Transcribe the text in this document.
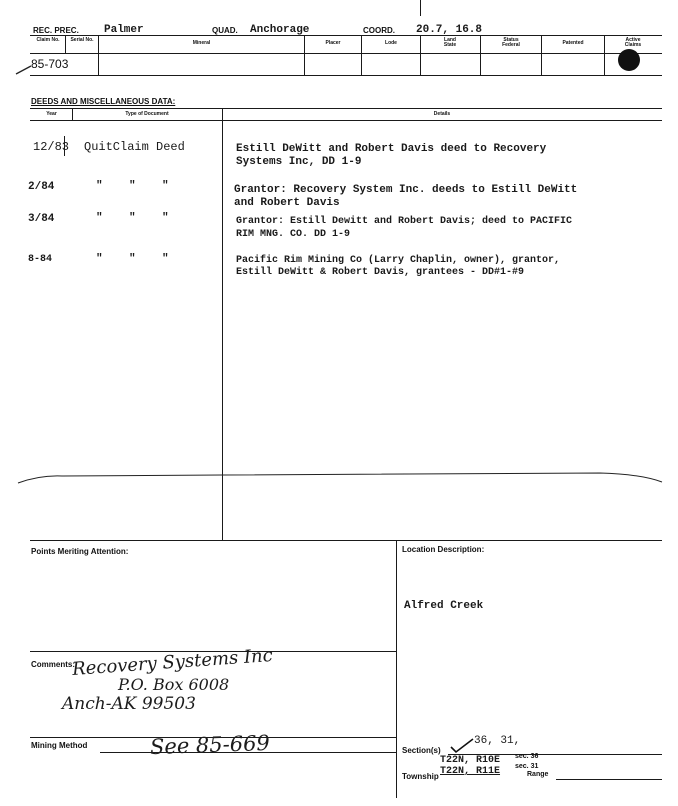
REC. PREC. Palmer	QUAD. Anchorage	COORD. 20.7, 16.8
Claim No.	Serial No.	Mineral	Placer	Lode	Land State
Status Federal	Patented	Active Claims
85-703
DEEDS AND MISCELLANEOUS DATA:
Year	Type of Document	Details
12/83 QuitClaim Deed	Estill DeWitt and Robert Davis deed to Recovery
Systems Inc, DD 1-9
2/84	"    "    "	Grantor: Recovery System Inc. deeds to Estill DeWitt
and Robert Davis
3/84	"    "    "	Grantor: Estill Dewitt and Robert Davis; deed to PACIFIC
RIM MNG. CO. DD 1-9
8-84	"    "    "	Pacific Rim Mining Co (Larry Chaplin, owner), grantor,
Estill DeWitt & Robert Davis, grantees - DD#1-#9
Points Meriting Attention:	Location Description:
Alfred Creek
Comments:
Recovery Systems Inc
P.O. Box 6008
Anch-AK 99503
Mining Method	See 85-669	Section(s)
36, 31,
T22N, R10E sec. 36
Township T22N, R11E sec. 31
Range
